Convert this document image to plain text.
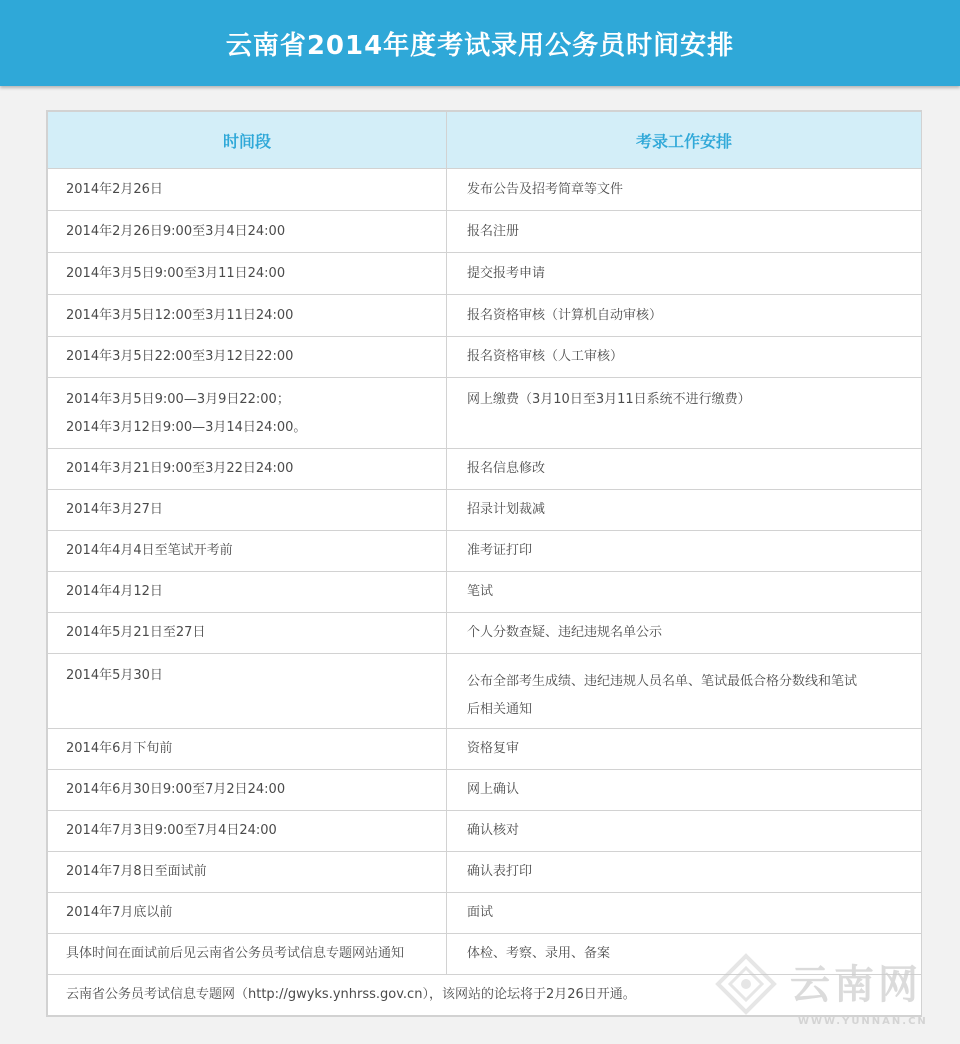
云南省2014年度考试录用公务员时间安排
时间段	考录工作安排
2014年2月26日	发布公告及招考简章等文件
2014年2月26日9:00至3月4日24:00	报名注册
2014年3月5日9:00至3月11日24:00	提交报考申请
2014年3月5日12:00至3月11日24:00	报名资格审核（计算机自动审核）
2014年3月5日22:00至3月12日22:00	报名资格审核（人工审核）

2014年3月5日9:00—3月9日22:00；
2014年3月12日9:00—3月14日24:00。	网上缴费（3月10日至3月11日系统不进行缴费）
2014年3月21日9:00至3月22日24:00	报名信息修改
2014年3月27日	招录计划裁减
2014年4月4日至笔试开考前	准考证打印
2014年4月12日	笔试
2014年5月21日至27日	个人分数查疑、违纪违规名单公示
2014年5月30日	公布全部考生成绩、违纪违规人员名单、笔试最低合格分数线和笔试
后相关通知

2014年6月下旬前	资格复审
2014年6月30日9:00至7月2日24:00	网上确认
2014年7月3日9:00至7月4日24:00	确认核对
2014年7月8日至面试前	确认表打印
2014年7月底以前	面试
具体时间在面试前后见云南省公务员考试信息专题网站通知	体检、考察、录用、备案
云南省公务员考试信息专题网（http://gwyks.ynhrss.gov.cn），该网站的论坛将于2月26日开通。		云南网
WWW.YUNNAN.CN
